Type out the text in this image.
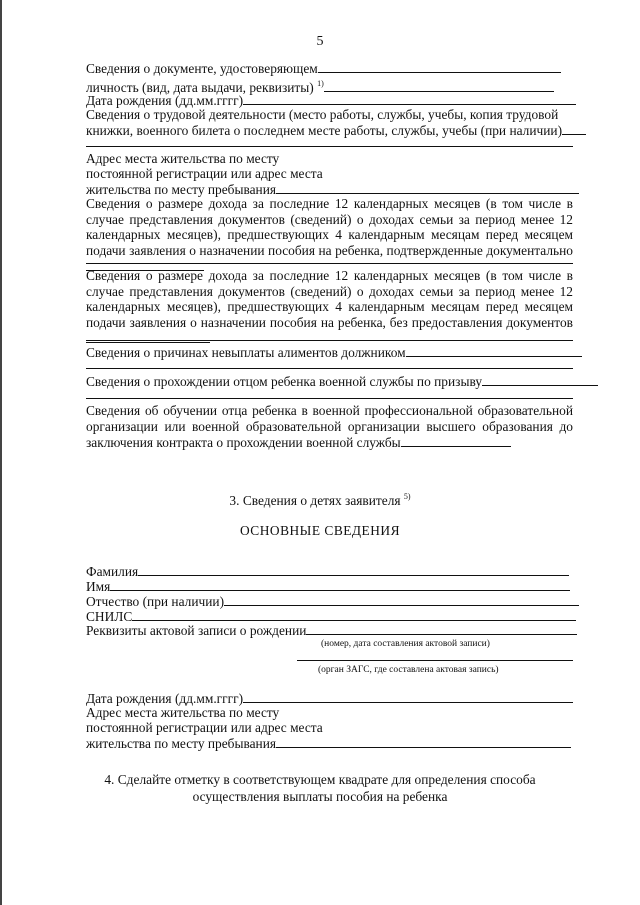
5
Сведения о документе, удостоверяющем
личность (вид, дата выдачи, реквизиты) $^{1)}$
Дата рождения (дд.мм.гггг)
Сведения о трудовой деятельности (место работы, службы, учебы, копия трудовой
книжки, военного билета о последнем месте работы, службы, учебы (при наличии)
Адрес места жительства по месту
постоянной регистрации или адрес места
жительства по месту пребывания
Сведения о размере дохода за последние 12 календарных месяцев (в том числе в случае представления документов (сведений) о доходах семьи за период менее 12 календарных месяцев), предшествующих 4 календарным месяцам перед месяцем подачи заявления о назначении пособия на ребенка, подтвержденные документально
Сведения о размере дохода за последние 12 календарных месяцев (в том числе в случае представления документов (сведений) о доходах семьи за период менее 12 календарных месяцев), предшествующих 4 календарным месяцам перед месяцем подачи заявления о назначении пособия на ребенка, без предоставления документов
Сведения о причинах невыплаты алиментов должником
Сведения о прохождении отцом ребенка военной службы по призыву
Сведения об обучении отца ребенка в военной профессиональной образовательной организации или военной образовательной организации высшего образования до заключения контракта о прохождении военной службы
3. Сведения о детях заявителя $^{5)}$
ОСНОВНЫЕ СВЕДЕНИЯ
Фамилия
Имя
Отчество (при наличии)
СНИЛС
Реквизиты актовой записи о рождении
(номер, дата составления актовой записи)
(орган ЗАГС, где составлена актовая запись)
Дата рождения (дд.мм.гггг)
Адрес места жительства по месту
постоянной регистрации или адрес места
жительства по месту пребывания
4. Сделайте отметку в соответствующем квадрате для определения способа
осуществления выплаты пособия на ребенка
